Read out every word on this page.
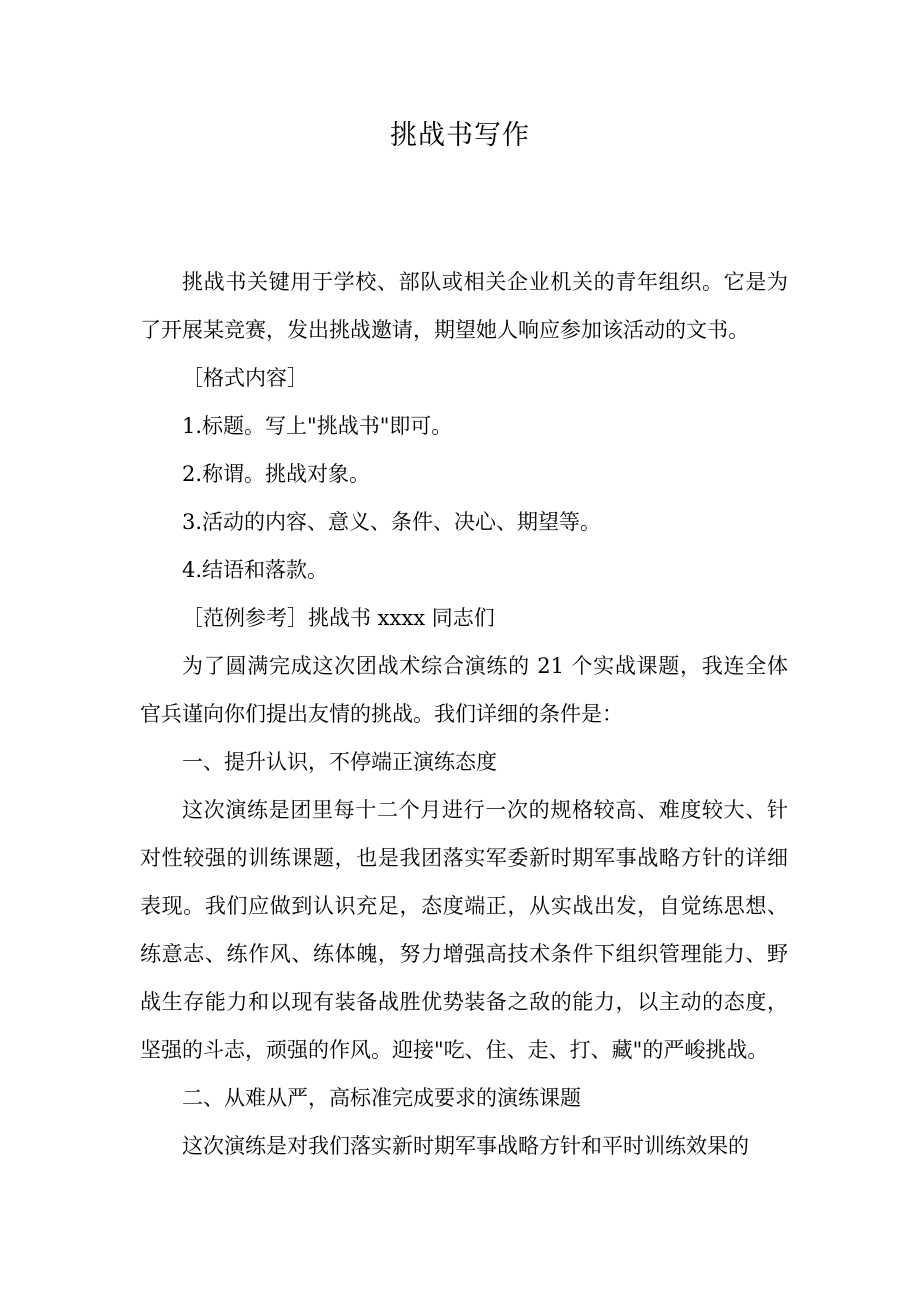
挑战书写作

挑战书关键用于学校、部队或相关企业机关的青年组织。它是为了开展某竞赛，发出挑战邀请，期望她人响应参加该活动的文书。

［格式内容］

1.标题。写上"挑战书"即可。

2.称谓。挑战对象。

3.活动的内容、意义、条件、决心、期望等。

4.结语和落款。

［范例参考］挑战书 xxxx 同志们

为了圆满完成这次团战术综合演练的 21 个实战课题，我连全体官兵谨向你们提出友情的挑战。我们详细的条件是：

一、提升认识，不停端正演练态度

这次演练是团里每十二个月进行一次的规格较高、难度较大、针对性较强的训练课题，也是我团落实军委新时期军事战略方针的详细表现。我们应做到认识充足，态度端正，从实战出发，自觉练思想、练意志、练作风、练体魄，努力增强高技术条件下组织管理能力、野战生存能力和以现有装备战胜优势装备之敌的能力，以主动的态度，坚强的斗志，顽强的作风。迎接"吃、住、走、打、藏"的严峻挑战。

二、从难从严，高标准完成要求的演练课题

这次演练是对我们落实新时期军事战略方针和平时训练效果的
